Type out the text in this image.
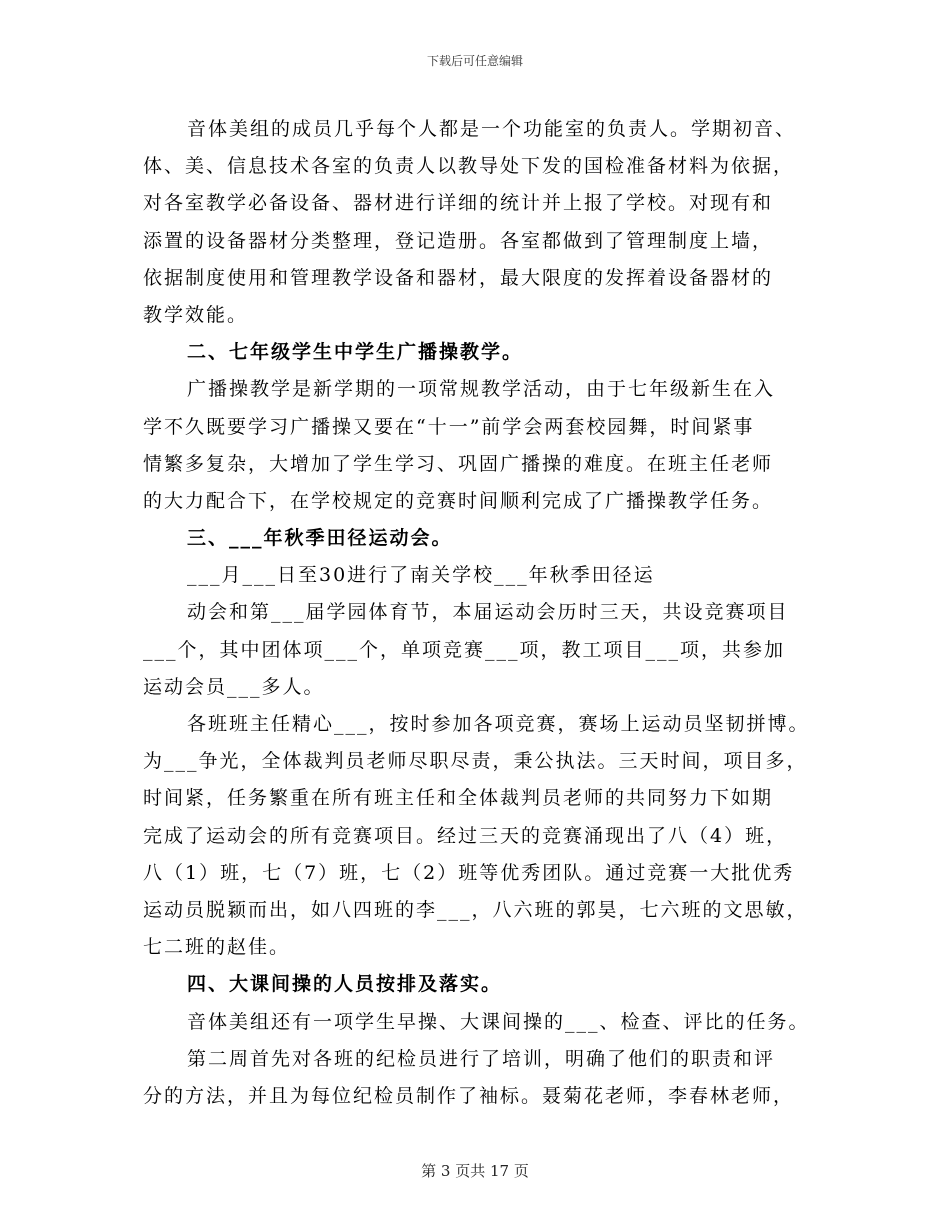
下载后可任意编辑
音体美组的成员几乎每个人都是一个功能室的负责人。学期初音、
体、美、信息技术各室的负责人以教导处下发的国检准备材料为依据，
对各室教学必备设备、器材进行详细的统计并上报了学校。对现有和
添置的设备器材分类整理，登记造册。各室都做到了管理制度上墙，
依据制度使用和管理教学设备和器材，最大限度的发挥着设备器材的
教学效能。
二、七年级学生中学生广播操教学。
广播操教学是新学期的一项常规教学活动，由于七年级新生在入
学不久既要学习广播操又要在“十一”前学会两套校园舞，时间紧事
情繁多复杂，大增加了学生学习、巩固广播操的难度。在班主任老师
的大力配合下，在学校规定的竞赛时间顺利完成了广播操教学任务。
三、___年秋季田径运动会。
___月___日至30进行了南关学校___年秋季田径运
动会和第___届学园体育节，本届运动会历时三天，共设竞赛项目
___个，其中团体项___个，单项竞赛___项，教工项目___项，共参加
运动会员___多人。
各班班主任精心___，按时参加各项竞赛，赛场上运动员坚韧拼博。
为___争光，全体裁判员老师尽职尽责，秉公执法。三天时间，项目多，
时间紧，任务繁重在所有班主任和全体裁判员老师的共同努力下如期
完成了运动会的所有竞赛项目。经过三天的竞赛涌现出了八（4）班，
八（1）班，七（7）班，七（2）班等优秀团队。通过竞赛一大批优秀
运动员脱颖而出，如八四班的李___，八六班的郭昊，七六班的文思敏，
七二班的赵佳。
四、大课间操的人员按排及落实。
音体美组还有一项学生早操、大课间操的___、检查、评比的任务。
第二周首先对各班的纪检员进行了培训，明确了他们的职责和评
分的方法，并且为每位纪检员制作了袖标。聂菊花老师，李春林老师，
第 3 页共 17 页
